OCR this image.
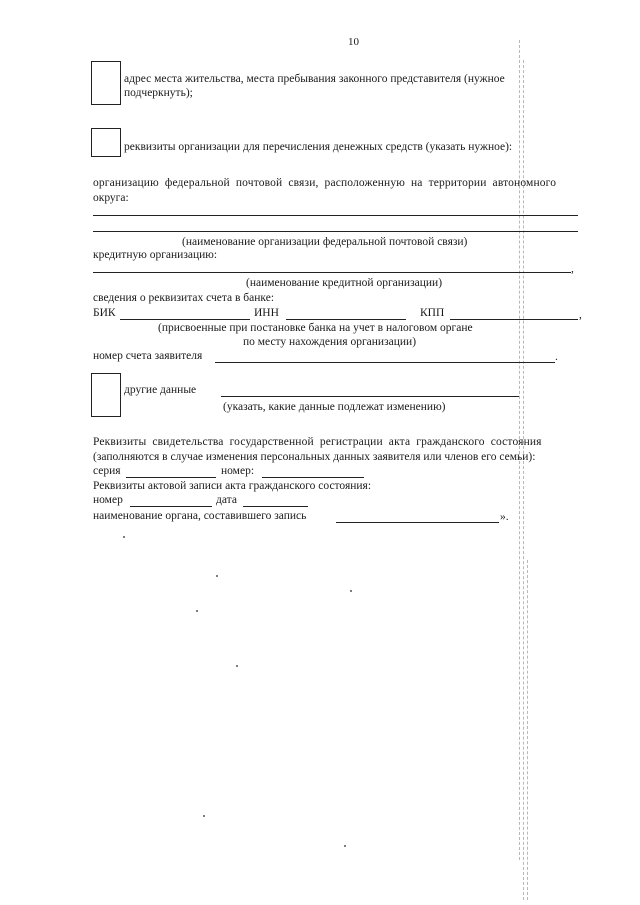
10
адрес места жительства, места пребывания законного представителя (нужное
подчеркнуть);
реквизиты организации для перечисления денежных средств (указать нужное):
организацию федеральной почтовой связи, расположенную на территории автономного
округа:
(наименование организации федеральной почтовой связи)
кредитную организацию:
,
(наименование кредитной организации)
сведения о реквизитах счета в банке:
БИК	ИНН	КПП	,
(присвоенные при постановке банка на учет в налоговом органе
по месту нахождения организации)
номер счета заявителя	.
другие данные
(указать, какие данные подлежат изменению)
Реквизиты свидетельства государственной регистрации акта гражданского состояния
(заполняются в случае изменения персональных данных заявителя или членов его семьи):
серия	номер:
Реквизиты актовой записи акта гражданского состояния:
номер	дата
наименование органа, составившего запись	».
